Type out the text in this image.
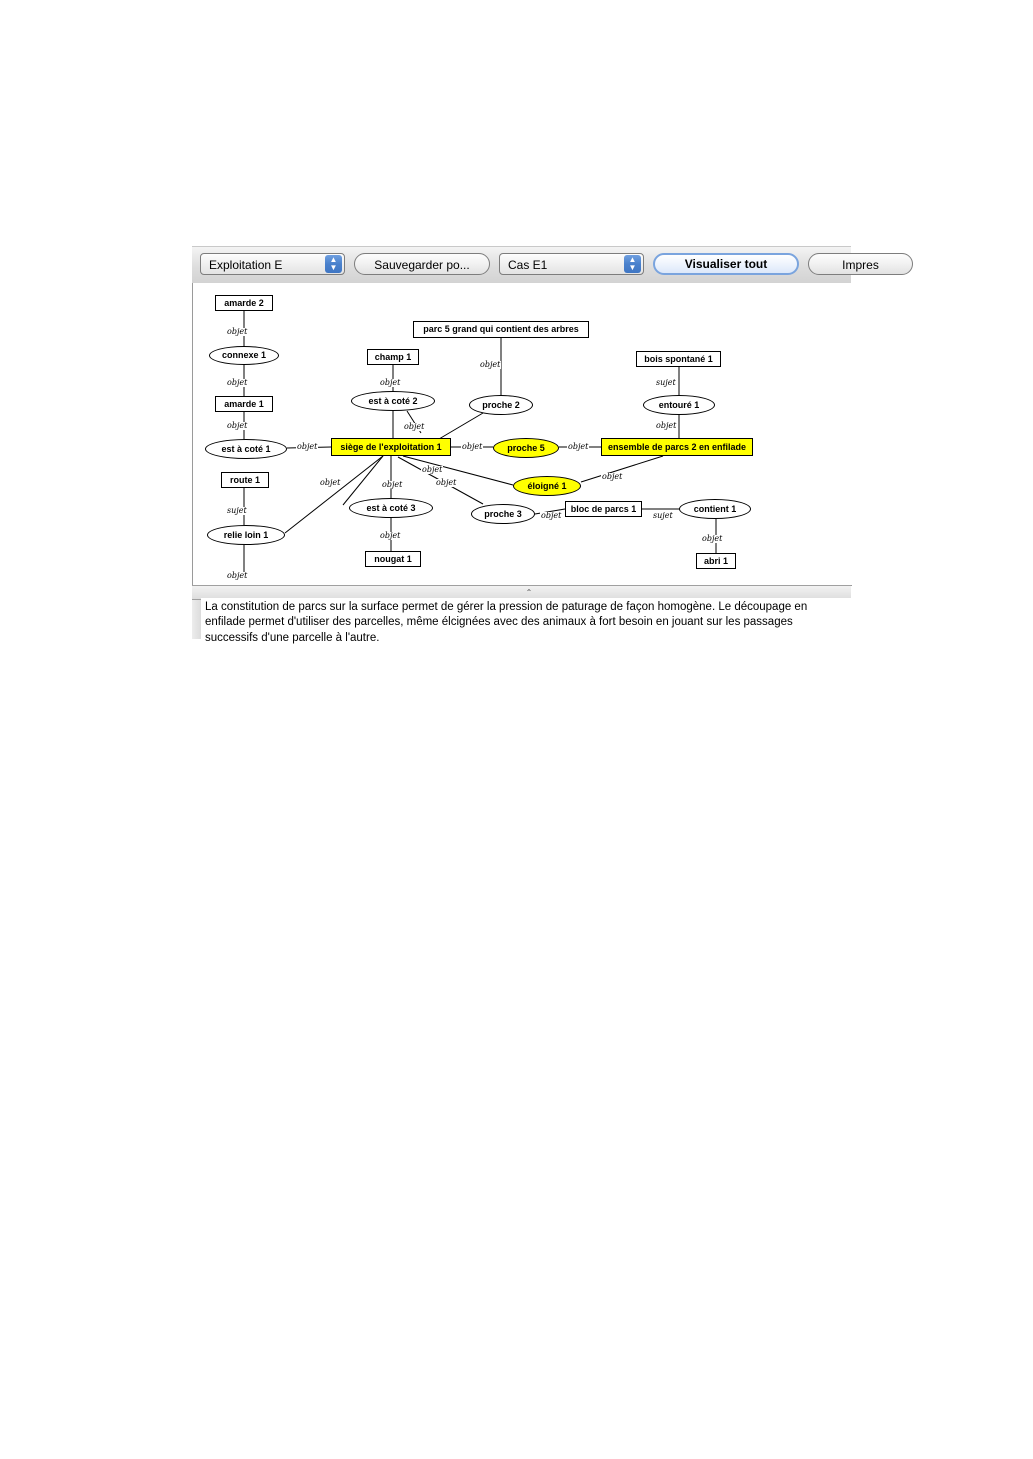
Exploitation E	▲
▼	Sauvegarder po...	Cas E1	▲
▼	Visualiser tout	Impres
amarde 2
connexe 1
amarde 1
est à coté 1
route 1
relie loin 1
champ 1
est à coté 2
siège de l'exploitation 1
est à coté 3
nougat 1
parc 5 grand qui contient des arbres
proche 2
proche 5
éloigné 1
proche 3	bloc de parcs 1	contient 1
abri 1
bois spontané 1
entouré 1
ensemble de parcs 2 en enfilade
objet
objet
objet
sujet
objet
objet
objet
objet
objet
objet
objet
objet
objet
objet
objet	objet
objet
objet	sujet
objet
sujet
objet
⌃
La constitution de parcs sur la surface permet de gérer la pression de paturage de façon homogène. Le découpage en enfilade permet d'utiliser des parcelles, même élcignées avec des animaux à fort besoin en jouant sur les passages successifs d'une parcelle à l'autre.
